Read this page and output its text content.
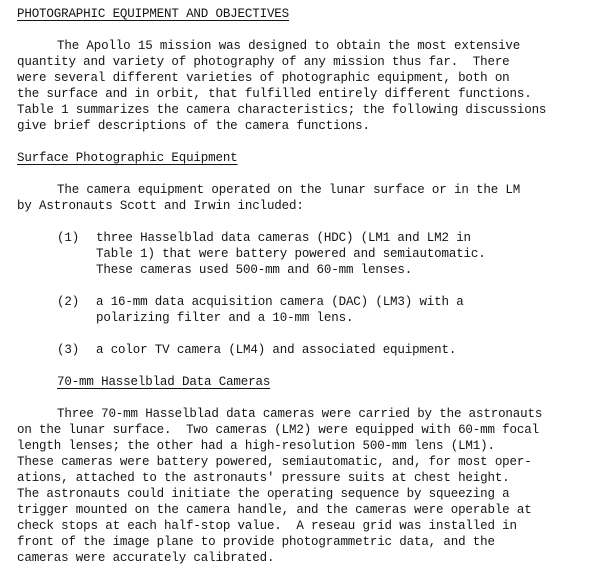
PHOTOGRAPHIC EQUIPMENT AND OBJECTIVES
The Apollo 15 mission was designed to obtain the most extensive
quantity and variety of photography of any mission thus far.  There
were several different varieties of photographic equipment, both on
the surface and in orbit, that fulfilled entirely different functions.
Table 1 summarizes the camera characteristics; the following discussions
give brief descriptions of the camera functions.
Surface Photographic Equipment
The camera equipment operated on the lunar surface or in the LM
by Astronauts Scott and Irwin included:
(1) three Hasselblad data cameras (HDC) (LM1 and LM2 in
Table 1) that were battery powered and semiautomatic.
These cameras used 500-mm and 60-mm lenses.
(2) a 16-mm data acquisition camera (DAC) (LM3) with a
polarizing filter and a 10-mm lens.
(3) a color TV camera (LM4) and associated equipment.
70-mm Hasselblad Data Cameras
Three 70-mm Hasselblad data cameras were carried by the astronauts
on the lunar surface.  Two cameras (LM2) were equipped with 60-mm focal
length lenses; the other had a high-resolution 500-mm lens (LM1).
These cameras were battery powered, semiautomatic, and, for most oper-
ations, attached to the astronauts' pressure suits at chest height.
The astronauts could initiate the operating sequence by squeezing a
trigger mounted on the camera handle, and the cameras were operable at
check stops at each half-stop value.  A reseau grid was installed in
front of the image plane to provide photogrammetric data, and the
cameras were accurately calibrated.
